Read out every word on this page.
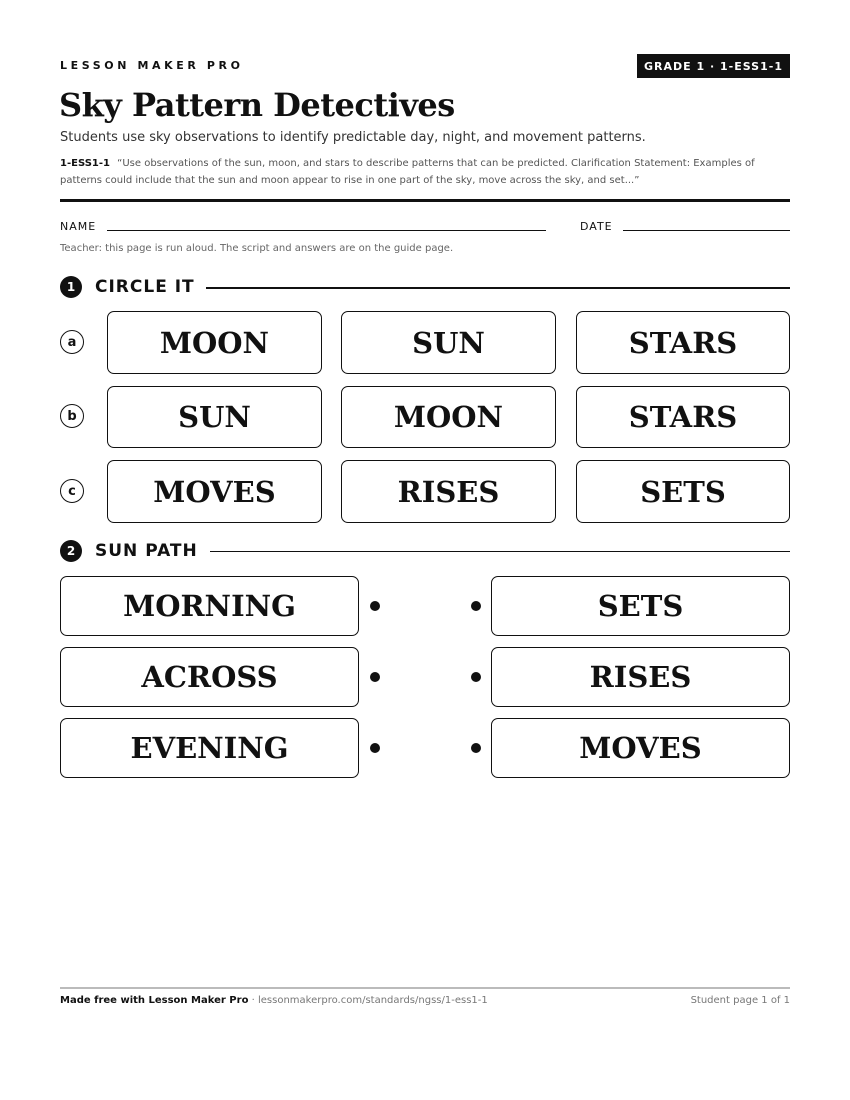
LESSON MAKER PRO	GRADE 1 · 1-ESS1-1
Sky Pattern Detectives
Students use sky observations to identify predictable day, night, and movement patterns.
1-ESS1-1 “Use observations of the sun, moon, and stars to describe patterns that can be predicted. Clarification Statement: Examples of patterns could include that the sun and moon appear to rise in one part of the sky, move across the sky, and set...”
NAME	DATE
Teacher: this page is run aloud. The script and answers are on the guide page.
1	CIRCLE IT
a	MOON	SUN	STARS
b	SUN	MOON	STARS
c	MOVES	RISES	SETS
2	SUN PATH
MORNING	SETS
ACROSS	RISES
EVENING	MOVES
Made free with Lesson Maker Pro · lessonmakerpro.com/standards/ngss/1-ess1-1	Student page 1 of 1
